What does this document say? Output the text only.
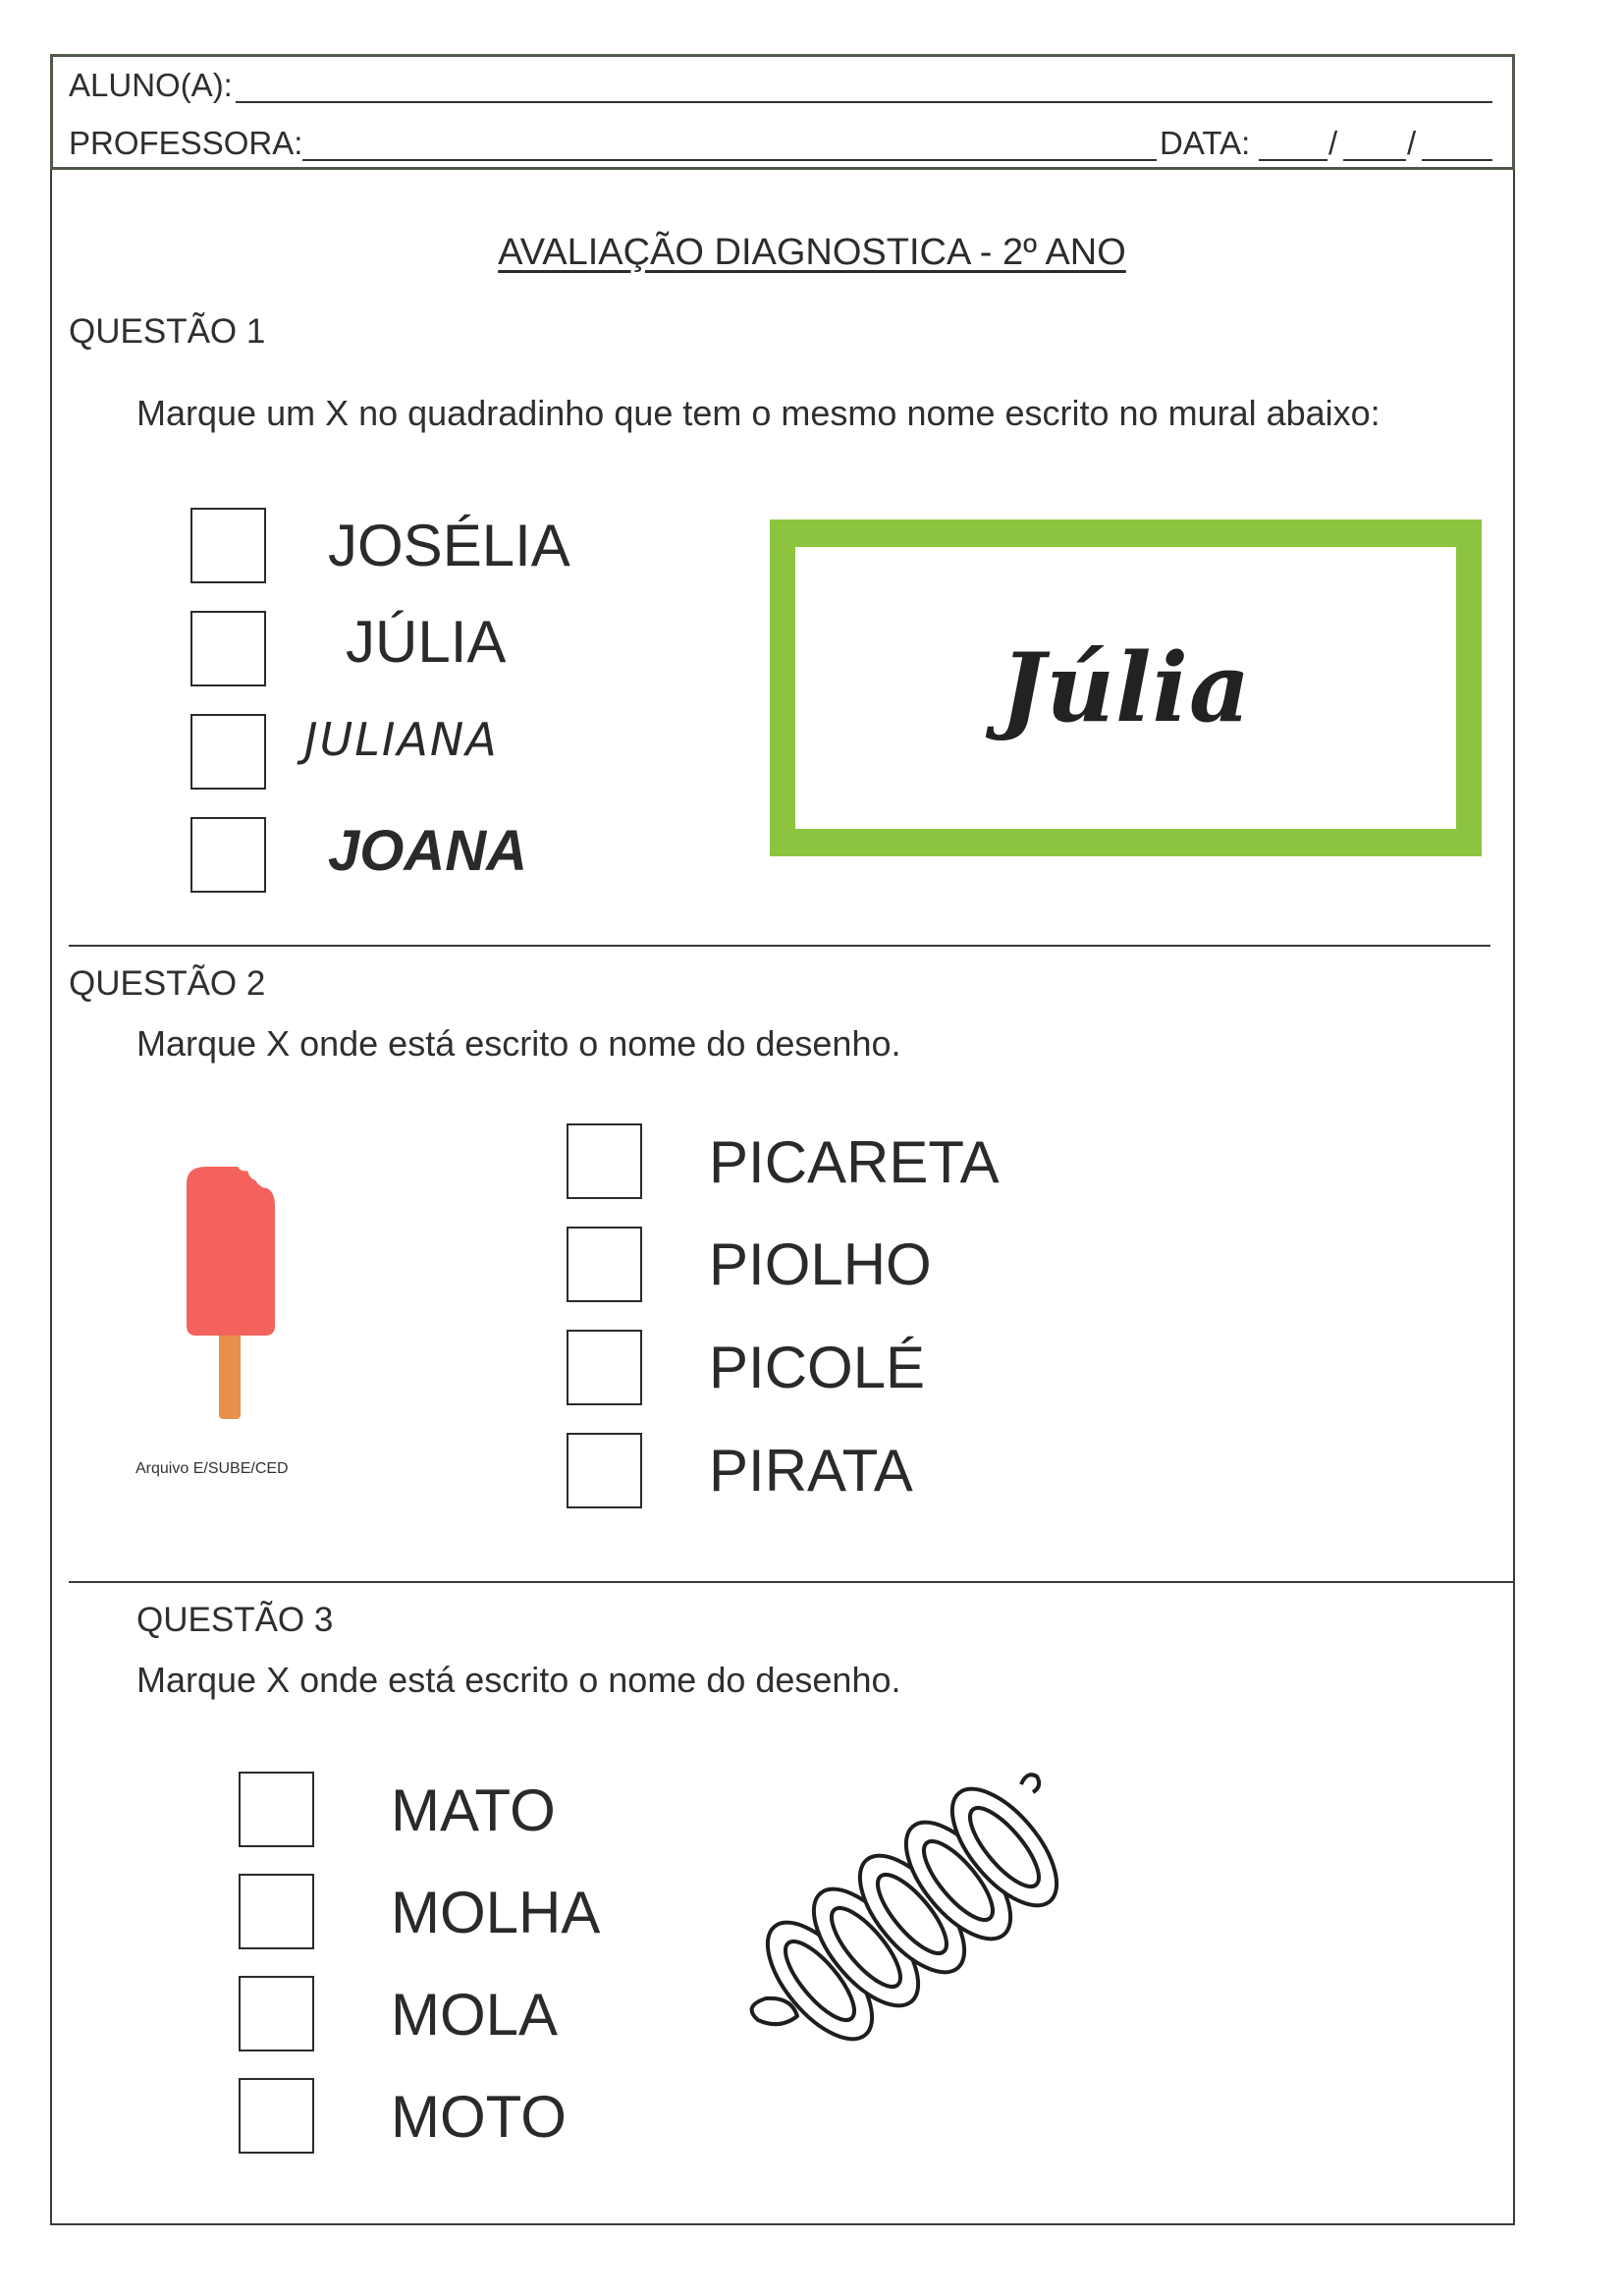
ALUNO(A):
PROFESSORA:	DATA: / /
AVALIAÇÃO DIAGNOSTICA - 2º ANO
QUESTÃO 1
Marque um X no quadradinho que tem o mesmo nome escrito no mural abaixo:
JOSÉLIA
JÚLIA
JULIANA
JOANA
Júlia
QUESTÃO 2
Marque X onde está escrito o nome do desenho.
Arquivo E/SUBE/CED
PICARETA
PIOLHO
PICOLÉ
PIRATA
QUESTÃO 3
Marque X onde está escrito o nome do desenho.
MATO
MOLHA
MOLA
MOTO
